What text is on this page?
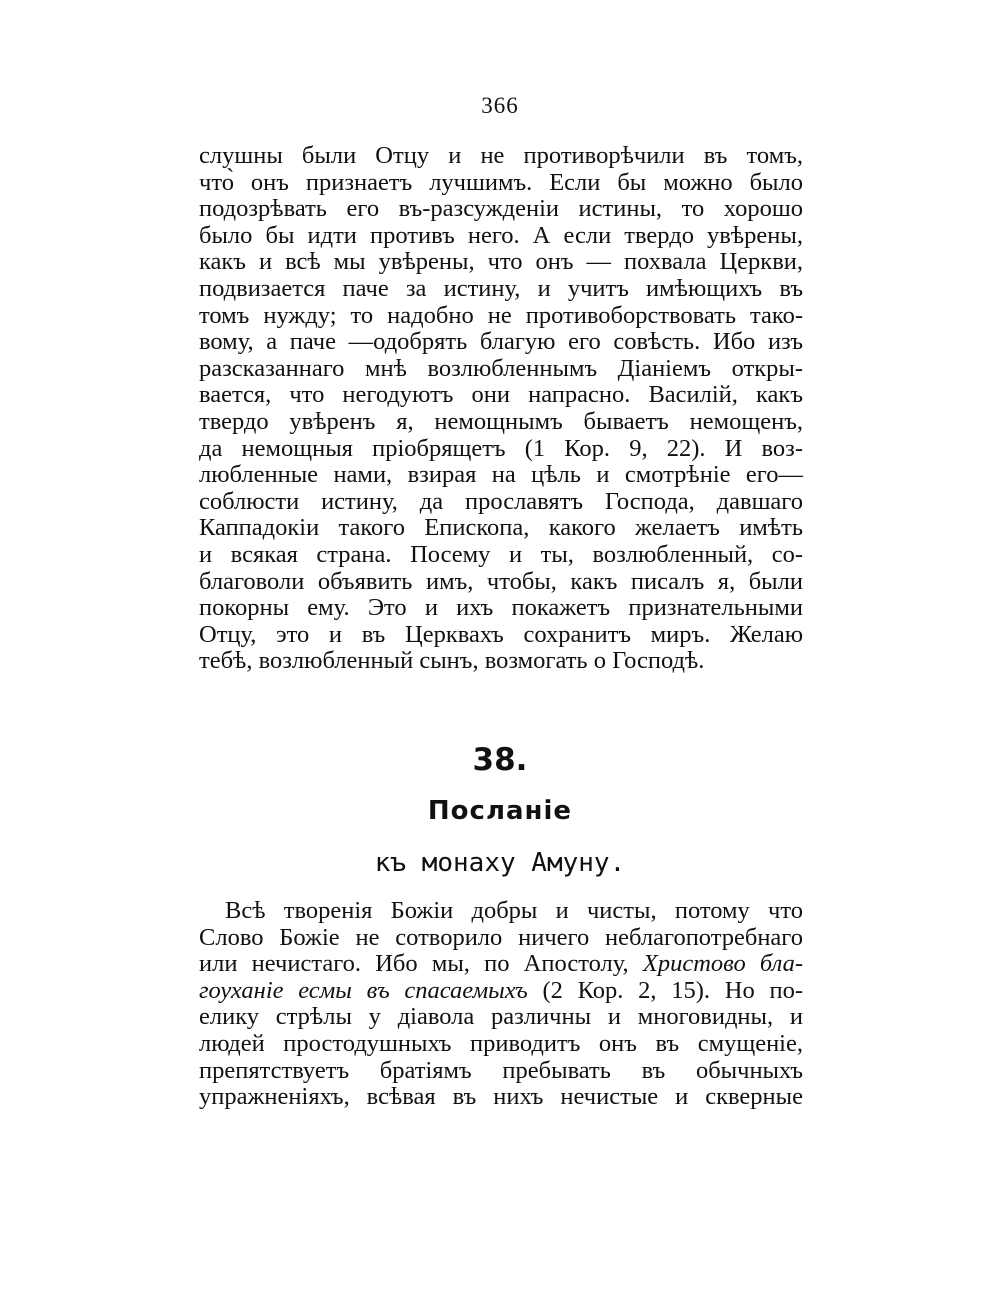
366
слушны были Отцу и не противорѣчили въ томъ,
что̀ онъ признаетъ лучшимъ. Если бы можно было
подозрѣвать его въ-разсужденіи истины, то хорошо
было бы идти противъ него. А если твердо увѣрены,
какъ и всѣ мы увѣрены, что онъ — похвала Церкви,
подвизается паче за истину, и учитъ имѣющихъ въ
томъ нужду; то надобно не противоборствовать тако-
вому, а паче —одобрять благую его совѣсть. Ибо изъ
разсказаннаго мнѣ возлюбленнымъ Діаніемъ откры-
вается, что негодуютъ они напрасно. Василій, какъ
твердо увѣренъ я, немощнымъ бываетъ немощенъ,
да немощныя пріобрящетъ (1 Кор. 9, 22). И воз-
любленные нами, взирая на цѣль и смотрѣніе его—
соблюсти истину, да прославятъ Господа, давшаго
Каппадокіи такого Епископа, какого желаетъ имѣть
и всякая страна. Посему и ты, возлюбленный, со-
благоволи объявить имъ, чтобы, какъ писалъ я, были
покорны ему. Это и ихъ покажетъ признательными
Отцу, это и въ Церквахъ сохранитъ миръ. Желаю
тебѣ, возлюбленный сынъ, возмогать о Господѣ.
38.
Посланіе
къ монаху Амуну.
Всѣ творенія Божіи добры и чисты, потому что
Слово Божіе не сотворило ничего неблагопотребнаго
или нечистаго. Ибо мы, по Апостолу, Христово бла-
гоуханіе есмы въ спасаемыхъ (2 Кор. 2, 15). Но по-
елику стрѣлы у діавола различны и многовидны, и
людей простодушныхъ приводитъ онъ въ смущеніе,
препятствуетъ братіямъ пребывать въ обычныхъ
упражненіяхъ, всѣвая въ нихъ нечистые и скверные
